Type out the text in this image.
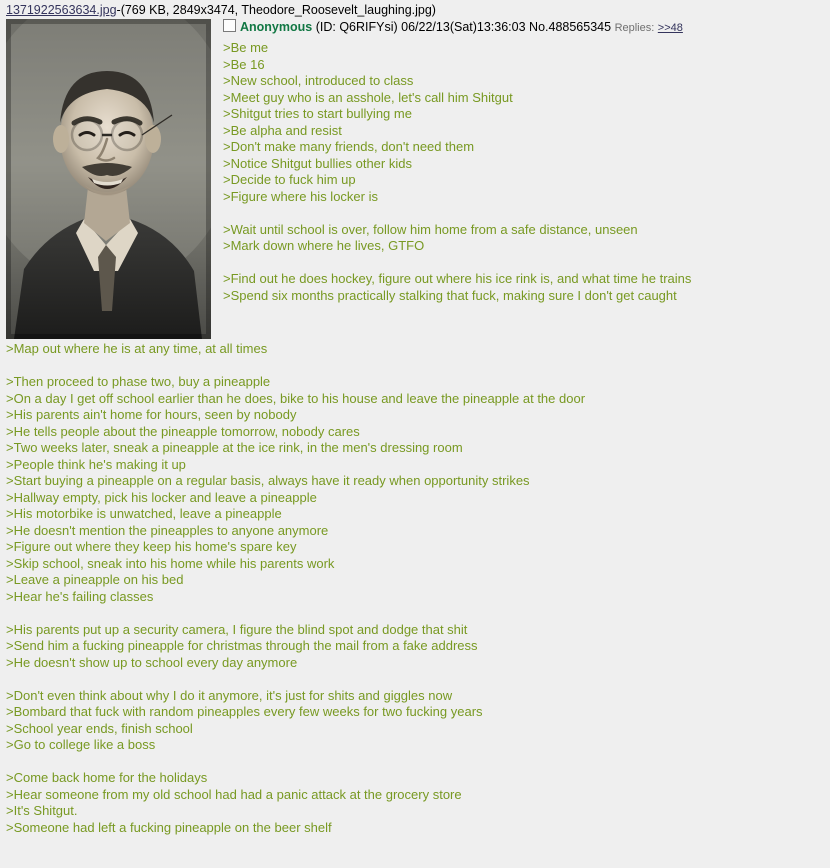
1371922563634.jpg-(769 KB, 2849x3474, Theodore_Roosevelt_laughing.jpg)
Anonymous (ID: Q6RIFYsi) 06/22/13(Sat)13:36:03 No.488565345 Replies: >>48
>Be me
>Be 16
>New school, introduced to class
>Meet guy who is an asshole, let's call him Shitgut
>Shitgut tries to start bullying me
>Be alpha and resist
>Don't make many friends, don't need them
>Notice Shitgut bullies other kids
>Decide to fuck him up
>Figure where his locker is
>Wait until school is over, follow him home from a safe distance, unseen
>Mark down where he lives, GTFO
>Find out he does hockey, figure out where his ice rink is, and what time he trains
>Spend six months practically stalking that fuck, making sure I don't get caught
>Map out where he is at any time, at all times
>Then proceed to phase two, buy a pineapple
>On a day I get off school earlier than he does, bike to his house and leave the pineapple at the door
>His parents ain't home for hours, seen by nobody
>He tells people about the pineapple tomorrow, nobody cares
>Two weeks later, sneak a pineapple at the ice rink, in the men's dressing room
>People think he's making it up
>Start buying a pineapple on a regular basis, always have it ready when opportunity strikes
>Hallway empty, pick his locker and leave a pineapple
>His motorbike is unwatched, leave a pineapple
>He doesn't mention the pineapples to anyone anymore
>Figure out where they keep his home's spare key
>Skip school, sneak into his home while his parents work
>Leave a pineapple on his bed
>Hear he's failing classes
>His parents put up a security camera, I figure the blind spot and dodge that shit
>Send him a fucking pineapple for christmas through the mail from a fake address
>He doesn't show up to school every day anymore
>Don't even think about why I do it anymore, it's just for shits and giggles now
>Bombard that fuck with random pineapples every few weeks for two fucking years
>School year ends, finish school
>Go to college like a boss
>Come back home for the holidays
>Hear someone from my old school had had a panic attack at the grocery store
>It's Shitgut.
>Someone had left a fucking pineapple on the beer shelf
